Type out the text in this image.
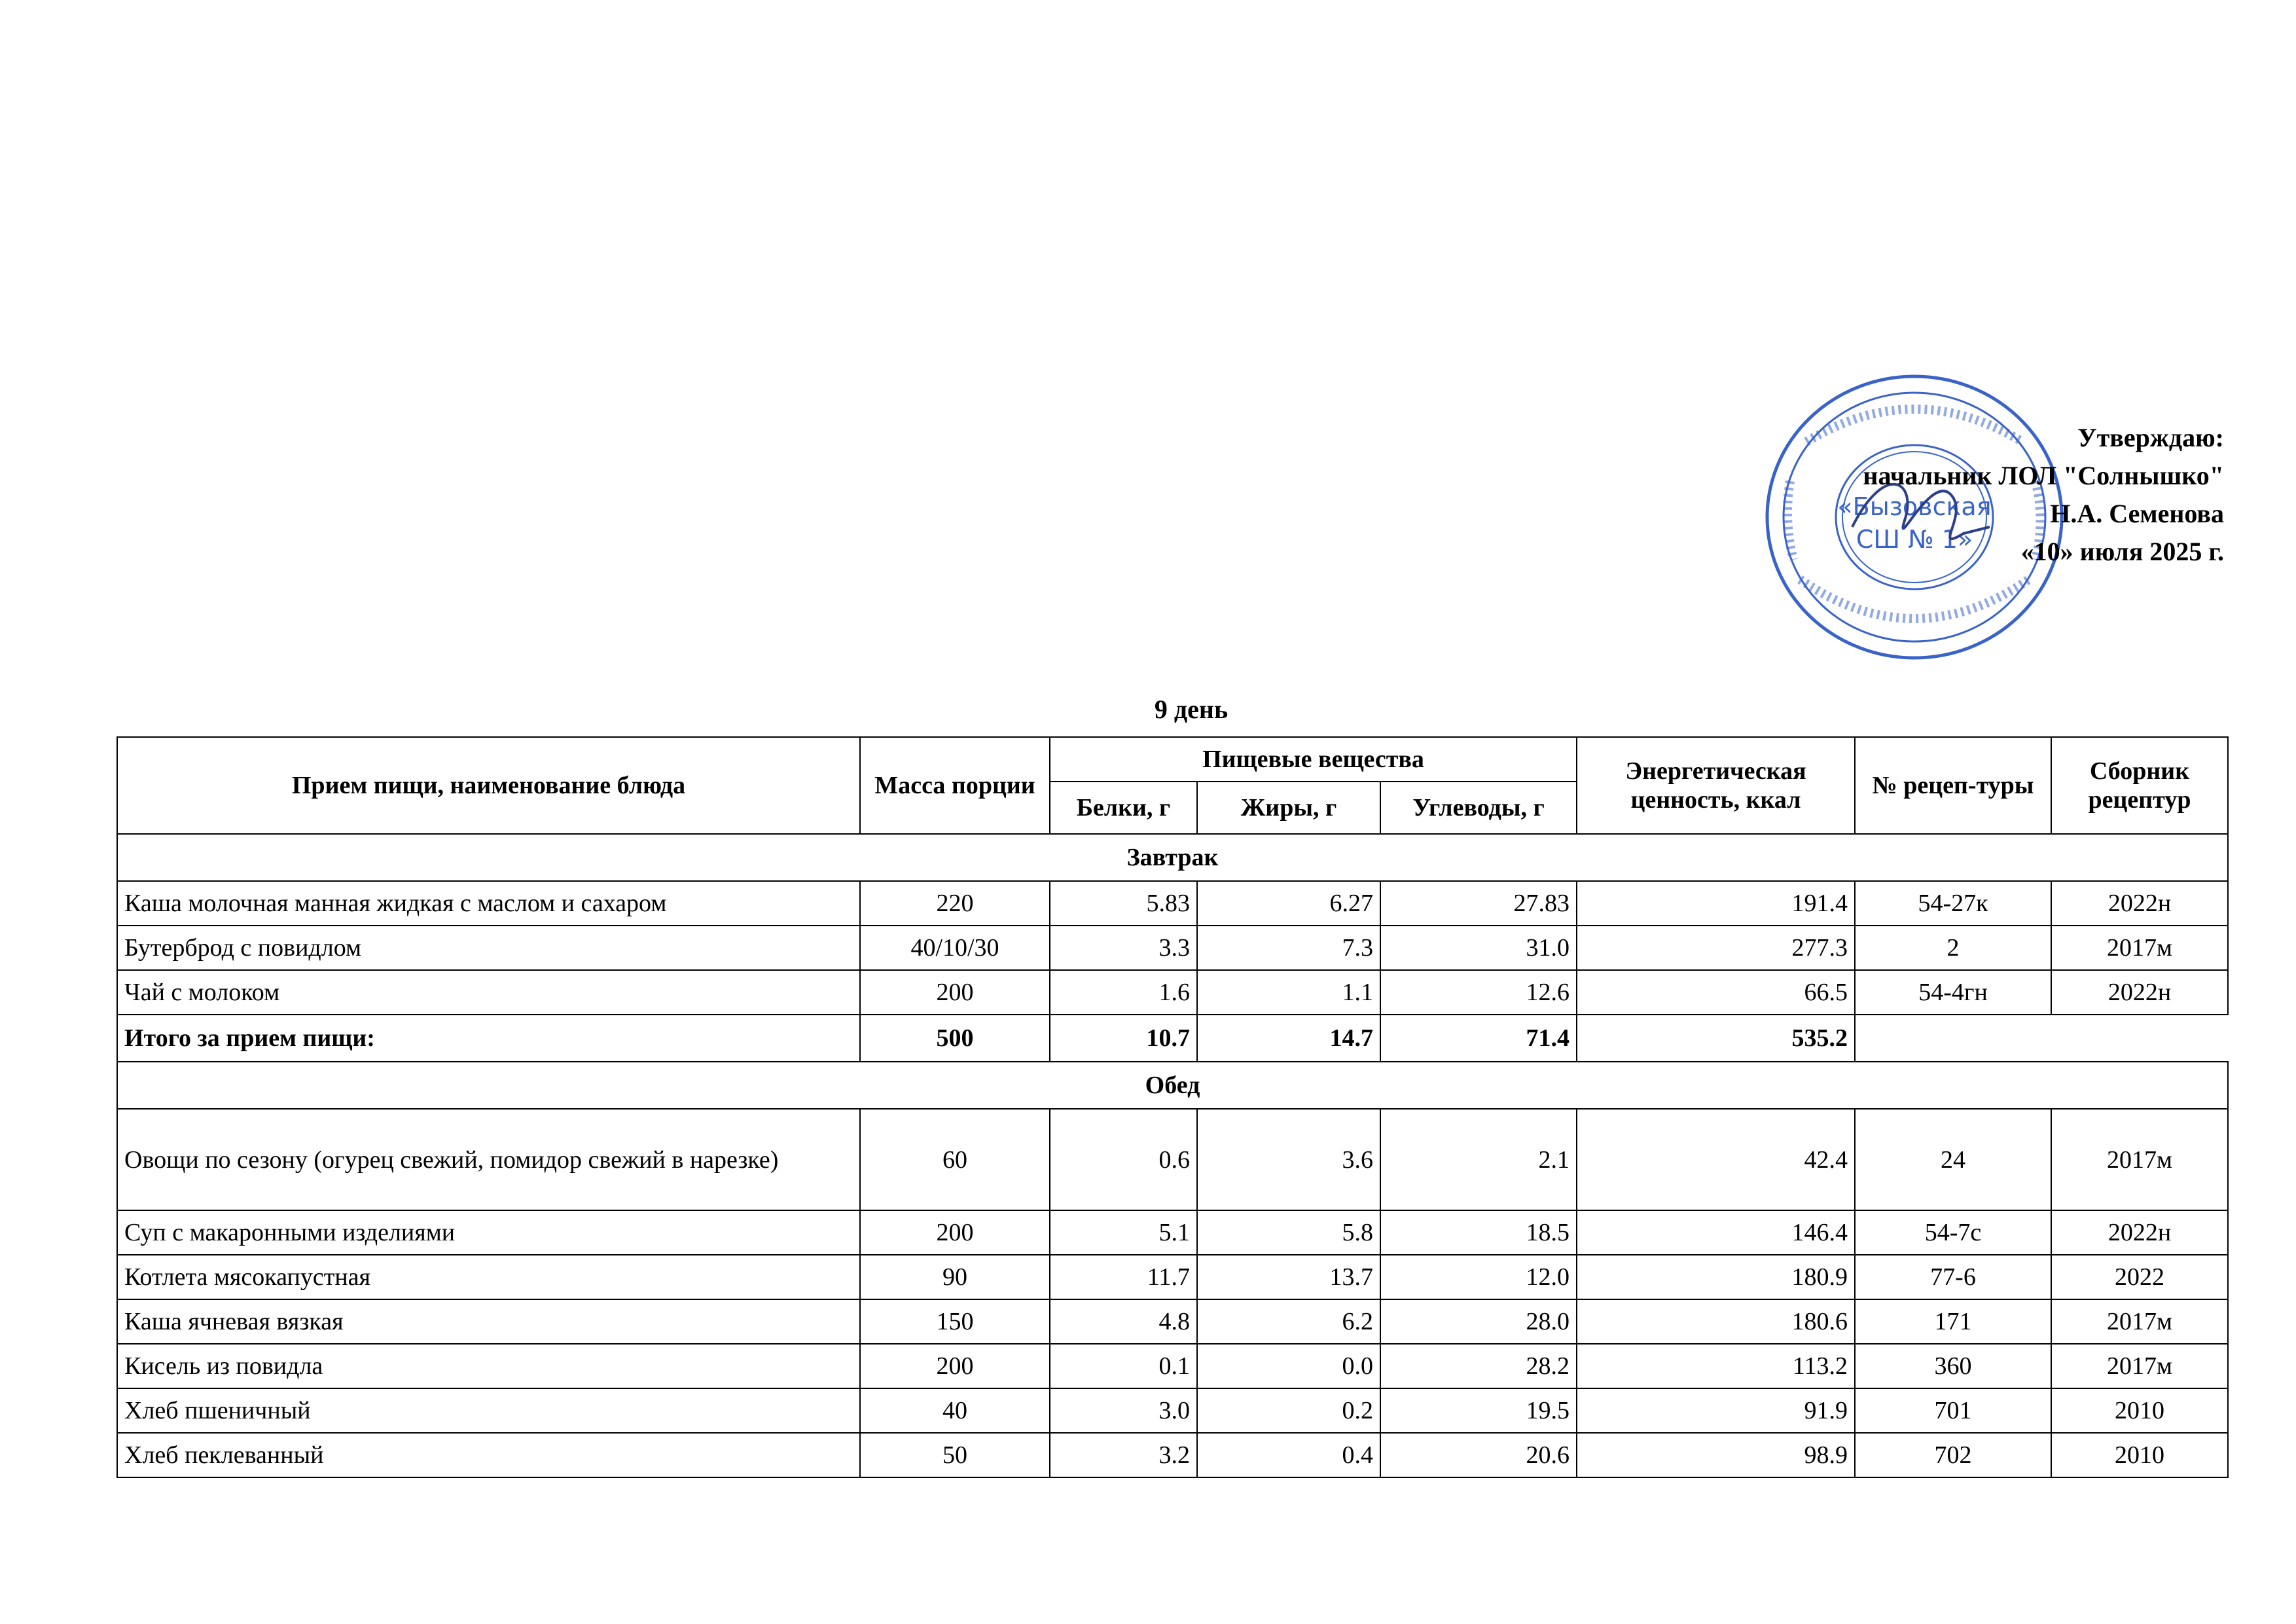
«Бызовская
СШ № 1»
Утверждаю:
начальник ЛОЛ "Солнышко"
Н.А. Семенова
«10» июля 2025 г.
9 день
Прием пищи, наименование блюда	Масса порции	Пищевые вещества			Энергетическая ценность, ккал	№ рецеп-туры	Сборник рецептур
		Белки, г	Жиры, г	Углеводы, г			
Завтрак							
Каша молочная манная жидкая с маслом и сахаром	220	5.83	6.27	27.83	191.4	54-27к	2022н
Бутерброд с повидлом	40/10/30	3.3	7.3	31.0	277.3	2	2017м
Чай с молоком	200	1.6	1.1	12.6	66.5	54-4гн	2022н
Итого за прием пищи:	500	10.7	14.7	71.4	535.2		
Обед							
Овощи по сезону (огурец свежий, помидор свежий в нарезке)	60	0.6	3.6	2.1	42.4	24	2017м
Суп с макаронными изделиями	200	5.1	5.8	18.5	146.4	54-7с	2022н
Котлета мясокапустная	90	11.7	13.7	12.0	180.9	77-6	2022
Каша ячневая вязкая	150	4.8	6.2	28.0	180.6	171	2017м
Кисель из повидла	200	0.1	0.0	28.2	113.2	360	2017м
Хлеб пшеничный	40	3.0	0.2	19.5	91.9	701	2010
Хлеб пеклеванный	50	3.2	0.4	20.6	98.9	702	2010
